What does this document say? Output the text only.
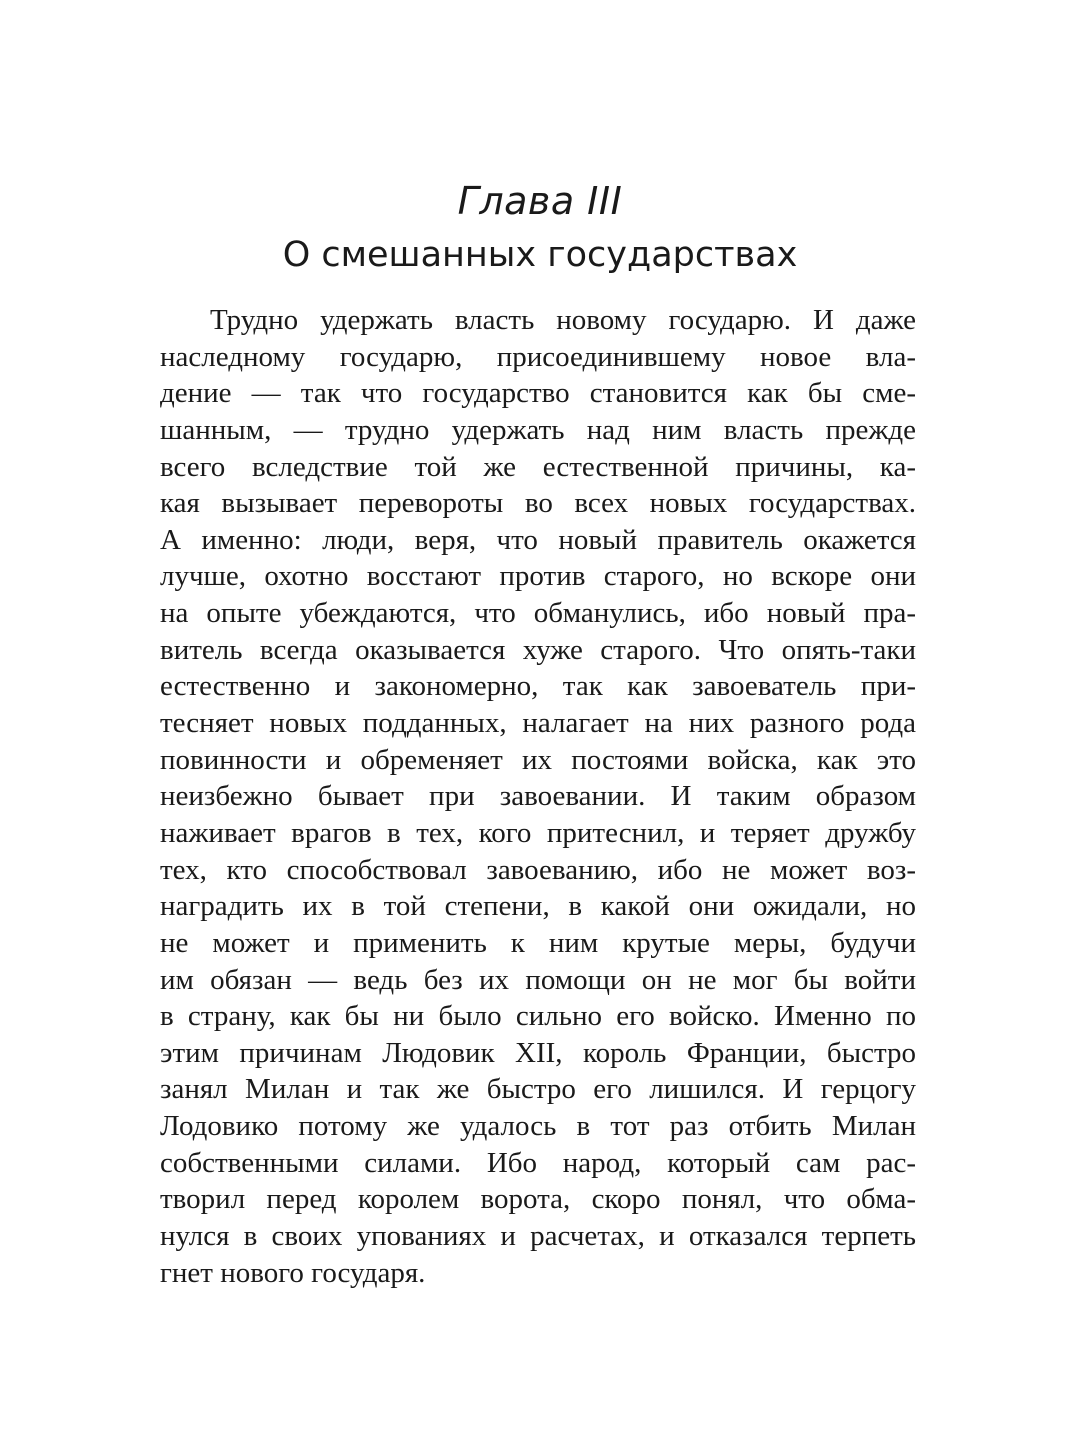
Глава III
О смешанных государствах
Трудно удержать власть новому государю. И даже
наследному государю, присоединившему новое вла-
дение — так что государство становится как бы сме-
шанным, — трудно удержать над ним власть прежде
всего вследствие той же естественной причины, ка-
кая вызывает перевороты во всех новых государствах.
А именно: люди, веря, что новый правитель окажется
лучше, охотно восстают против старого, но вскоре они
на опыте убеждаются, что обманулись, ибо новый пра-
витель всегда оказывается хуже старого. Что опять-таки
естественно и закономерно, так как завоеватель при-
тесняет новых подданных, налагает на них разного рода
повинности и обременяет их постоями войска, как это
неизбежно бывает при завоевании. И таким образом
наживает врагов в тех, кого притеснил, и теряет дружбу
тех, кто способствовал завоеванию, ибо не может воз-
наградить их в той степени, в какой они ожидали, но
не может и применить к ним крутые меры, будучи
им обязан — ведь без их помощи он не мог бы войти
в страну, как бы ни было сильно его войско. Именно по
этим причинам Людовик XII, король Франции, быстро
занял Милан и так же быстро его лишился. И герцогу
Лодовико потому же удалось в тот раз отбить Милан
собственными силами. Ибо народ, который сам рас-
творил перед королем ворота, скоро понял, что обма-
нулся в своих упованиях и расчетах, и отказался терпеть
гнет нового государя.
